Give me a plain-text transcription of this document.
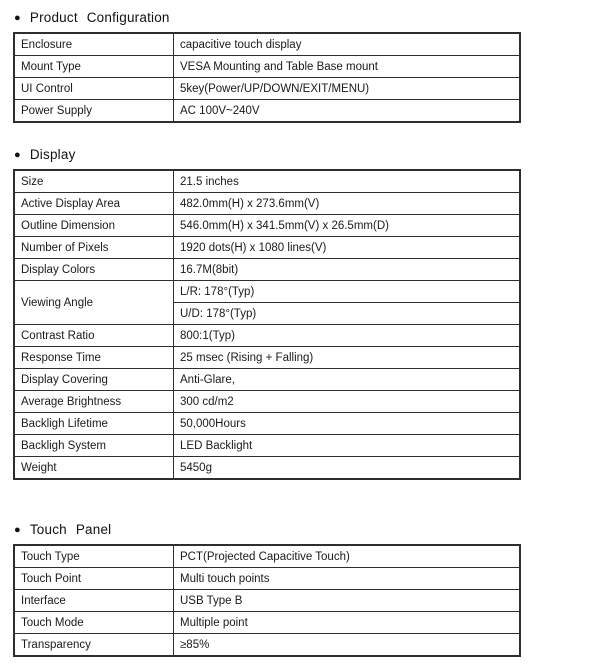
● Product Configuration
Enclosure	capacitive touch display
Mount Type	VESA Mounting and Table Base mount
UI Control	5key(Power/UP/DOWN/EXIT/MENU)
Power Supply	AC 100V~240V
● Display
Size	21.5 inches
Active Display Area	482.0mm(H) x 273.6mm(V)
Outline Dimension	546.0mm(H) x 341.5mm(V) x 26.5mm(D)
Number of Pixels	1920 dots(H) x 1080 lines(V)
Display Colors	16.7M(8bit)
Viewing Angle	L/R: 178°(Typ)
	U/D: 178°(Typ)
Contrast Ratio	800:1(Typ)
Response Time	25 msec (Rising + Falling)
Display Covering	Anti-Glare,
Average Brightness	300 cd/m2
Backligh Lifetime	50,000Hours
Backligh System	LED Backlight
Weight	5450g
● Touch Panel
Touch Type	PCT(Projected Capacitive Touch)
Touch Point	Multi touch points
Interface	USB Type B
Touch Mode	Multiple point
Transparency	≥85%
